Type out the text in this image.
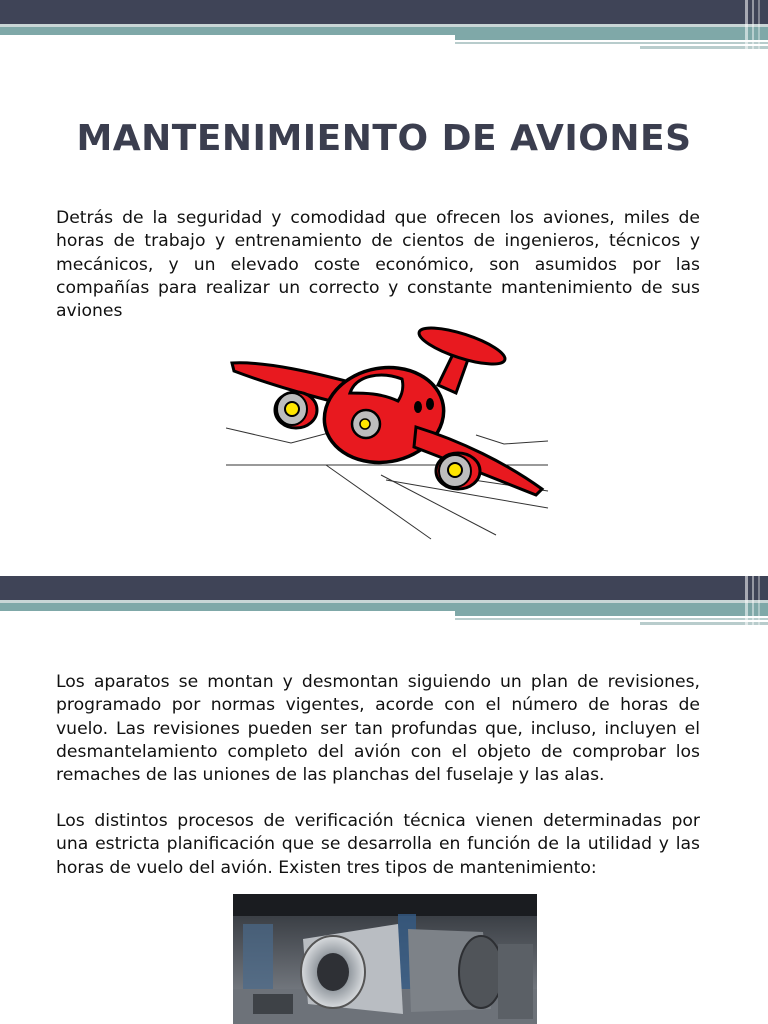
MANTENIMIENTO DE AVIONES
Detrás de la seguridad y comodidad que ofrecen los aviones, miles de horas de trabajo y entrenamiento de cientos de ingenieros, técnicos y mecánicos, y un elevado coste económico, son asumidos por las compañías para realizar un correcto y constante mantenimiento de sus aviones
Los aparatos se montan y desmontan siguiendo un plan de revisiones, programado por normas vigentes, acorde con el número de horas de vuelo. Las revisiones pueden ser tan profundas que, incluso, incluyen el desmantelamiento completo del avión con el objeto de comprobar los remaches de las uniones de las planchas del fuselaje y las alas.
Los distintos procesos de verificación técnica vienen determinadas por una estricta planificación que se desarrolla en función de la utilidad y las horas de vuelo del avión. Existen tres tipos de mantenimiento:
